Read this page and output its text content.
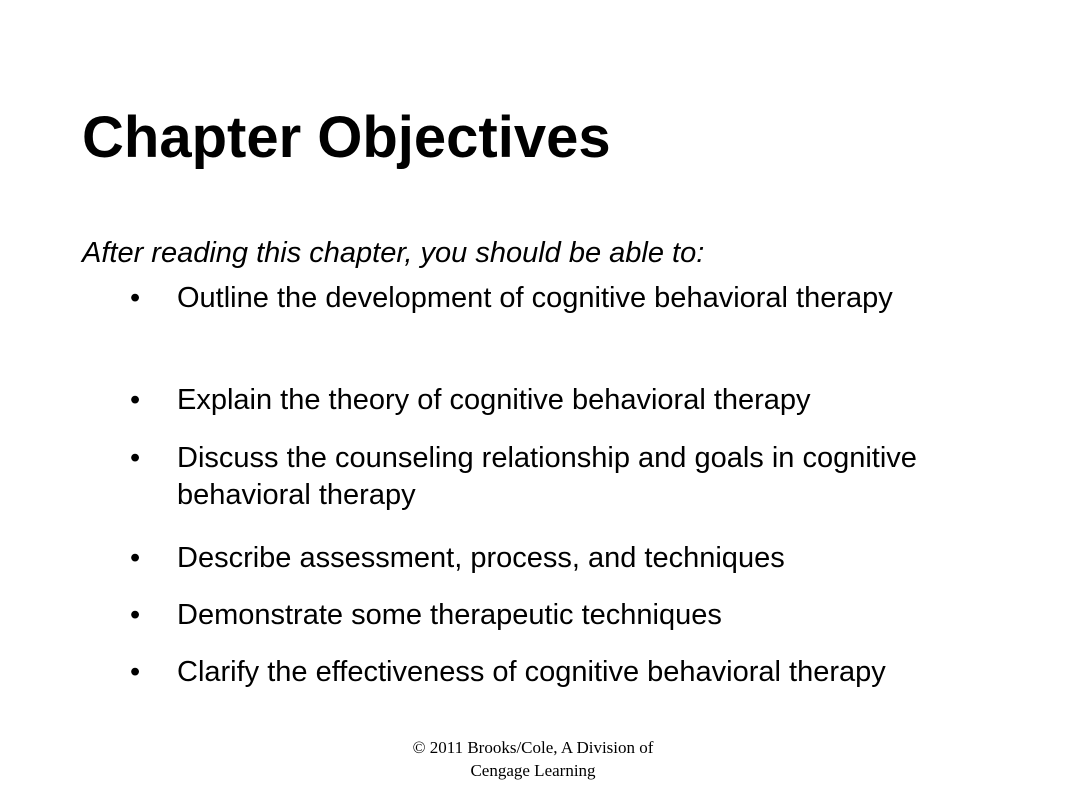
Chapter Objectives

After reading this chapter, you should be able to:

•	Outline the development of cognitive behavioral therapy
•	Explain the theory of cognitive behavioral therapy
•	Discuss the counseling relationship and goals in cognitive behavioral therapy
•	Describe assessment, process, and techniques
•	Demonstrate some therapeutic techniques
•	Clarify the effectiveness of cognitive behavioral therapy
© 2011 Brooks/Cole, A Division of
Cengage Learning
